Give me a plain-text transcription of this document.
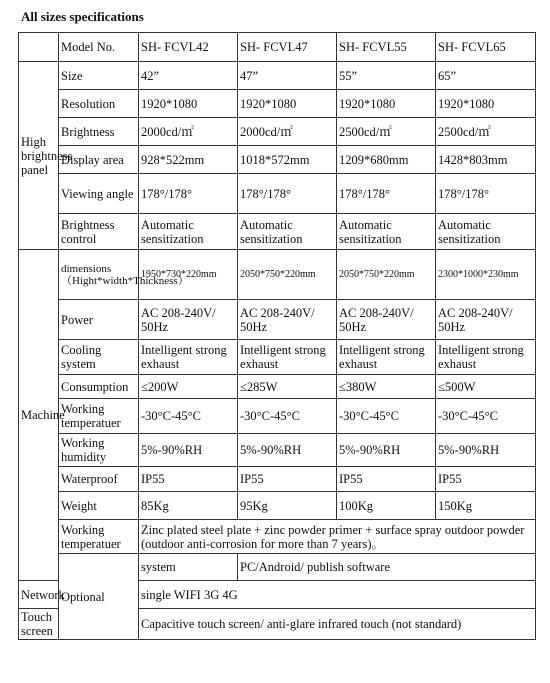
All sizes specifications
	Model No.	SH- FCVL42	SH- FCVL47	SH- FCVL55	SH- FCVL65
High brightness panel	Size	42”	47”	55”	65”
	Resolution	1920*1080	1920*1080	1920*1080	1920*1080
	Brightness	2000cd/㎡	2000cd/㎡	2500cd/㎡	2500cd/㎡
	Display area	928*522mm	1018*572mm	1209*680mm	1428*803mm
	Viewing angle	178°/178°	178°/178°	178°/178°	178°/178°
	Brightness control	Automatic sensitization	Automatic sensitization	Automatic sensitization	Automatic sensitization
Machine	dimensions（Hight*width*Thickness）	1950*730*220mm	2050*750*220mm	2050*750*220mm	2300*1000*230mm
	Power	AC 208-240V/ 50Hz	AC 208-240V/ 50Hz	AC 208-240V/ 50Hz	AC 208-240V/ 50Hz
	Cooling system	Intelligent strong exhaust	Intelligent strong exhaust	Intelligent strong exhaust	Intelligent strong exhaust
	Consumption	≤200W	≤285W	≤380W	≤500W
	Working temperatuer	-30°C-45°C	-30°C-45°C	-30°C-45°C	-30°C-45°C
	Working humidity	5%-90%RH	5%-90%RH	5%-90%RH	5%-90%RH
	Waterproof	IP55	IP55	IP55	IP55
	Weight	85Kg	95Kg	100Kg	150Kg
	Working temperatuer	Zinc plated steel plate + zinc powder primer + surface spray outdoor powder (outdoor anti-corrosion for more than 7 years)。			
	Optional	system	PC/Android/ publish software		
Network		single WIFI 3G 4G			
Touch screen		Capacitive touch screen/ anti-glare infrared touch (not standard)			
